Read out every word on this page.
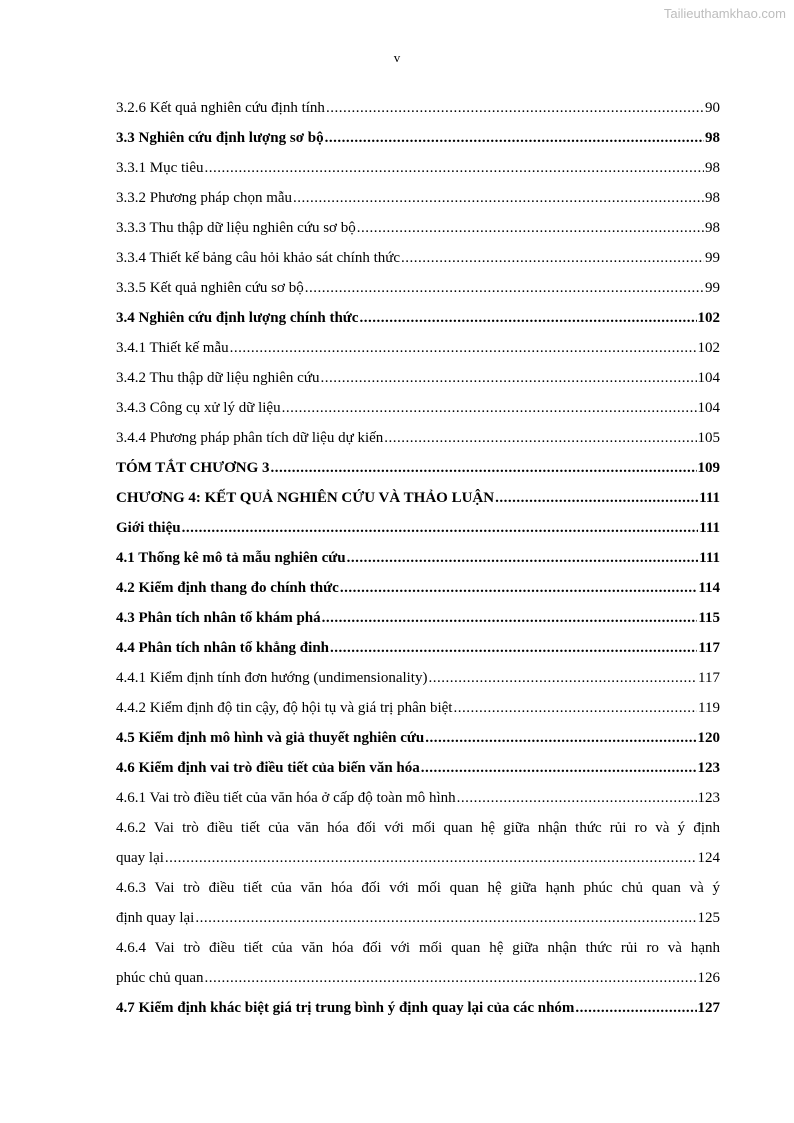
Tailieuthamkhao.com
v
3.2.6 Kết quả nghiên cứu định tính .....	90
3.3 Nghiên cứu định lượng sơ bộ .....	98
3.3.1 Mục tiêu .....	98
3.3.2 Phương pháp chọn mẫu .....	98
3.3.3 Thu thập dữ liệu nghiên cứu sơ bộ .....	98
3.3.4 Thiết kế bảng câu hỏi khảo sát chính thức .....	99
3.3.5 Kết quả nghiên cứu sơ bộ .....	99
3.4 Nghiên cứu định lượng chính thức .....	102
3.4.1 Thiết kế mẫu .....	102
3.4.2 Thu thập dữ liệu nghiên cứu .....	104
3.4.3 Công cụ xử lý dữ liệu .....	104
3.4.4 Phương pháp phân tích dữ liệu dự kiến .....	105
TÓM TẮT CHƯƠNG 3 .....	109
CHƯƠNG 4: KẾT QUẢ NGHIÊN CỨU VÀ THẢO LUẬN .....	111
Giới thiệu .....	111
4.1 Thống kê mô tả mẫu nghiên cứu .....	111
4.2 Kiểm định thang đo chính thức .....	114
4.3 Phân tích nhân tố khám phá .....	115
4.4 Phân tích nhân tố khẳng đinh .....	117
4.4.1 Kiểm định tính đơn hướng (undimensionality) .....	117
4.4.2 Kiểm định độ tin cậy, độ hội tụ và giá trị phân biệt .....	119
4.5 Kiểm định mô hình và giả thuyết nghiên cứu .....	120
4.6 Kiểm định vai trò điều tiết của biến văn hóa .....	123
4.6.1 Vai trò điều tiết của văn hóa ở cấp độ toàn mô hình .....	123
4.6.2 Vai trò điều tiết của văn hóa đối với mối quan hệ giữa nhận thức rủi ro và ý định
quay lại .....	124
4.6.3 Vai trò điều tiết của văn hóa đối với mối quan hệ giữa hạnh phúc chủ quan và ý
định quay lại .....	125
4.6.4 Vai trò điều tiết của văn hóa đối với mối quan hệ giữa nhận thức rủi ro và hạnh
phúc chủ quan .....	126
4.7 Kiểm định khác biệt giá trị trung bình ý định quay lại của các nhóm .....	127
